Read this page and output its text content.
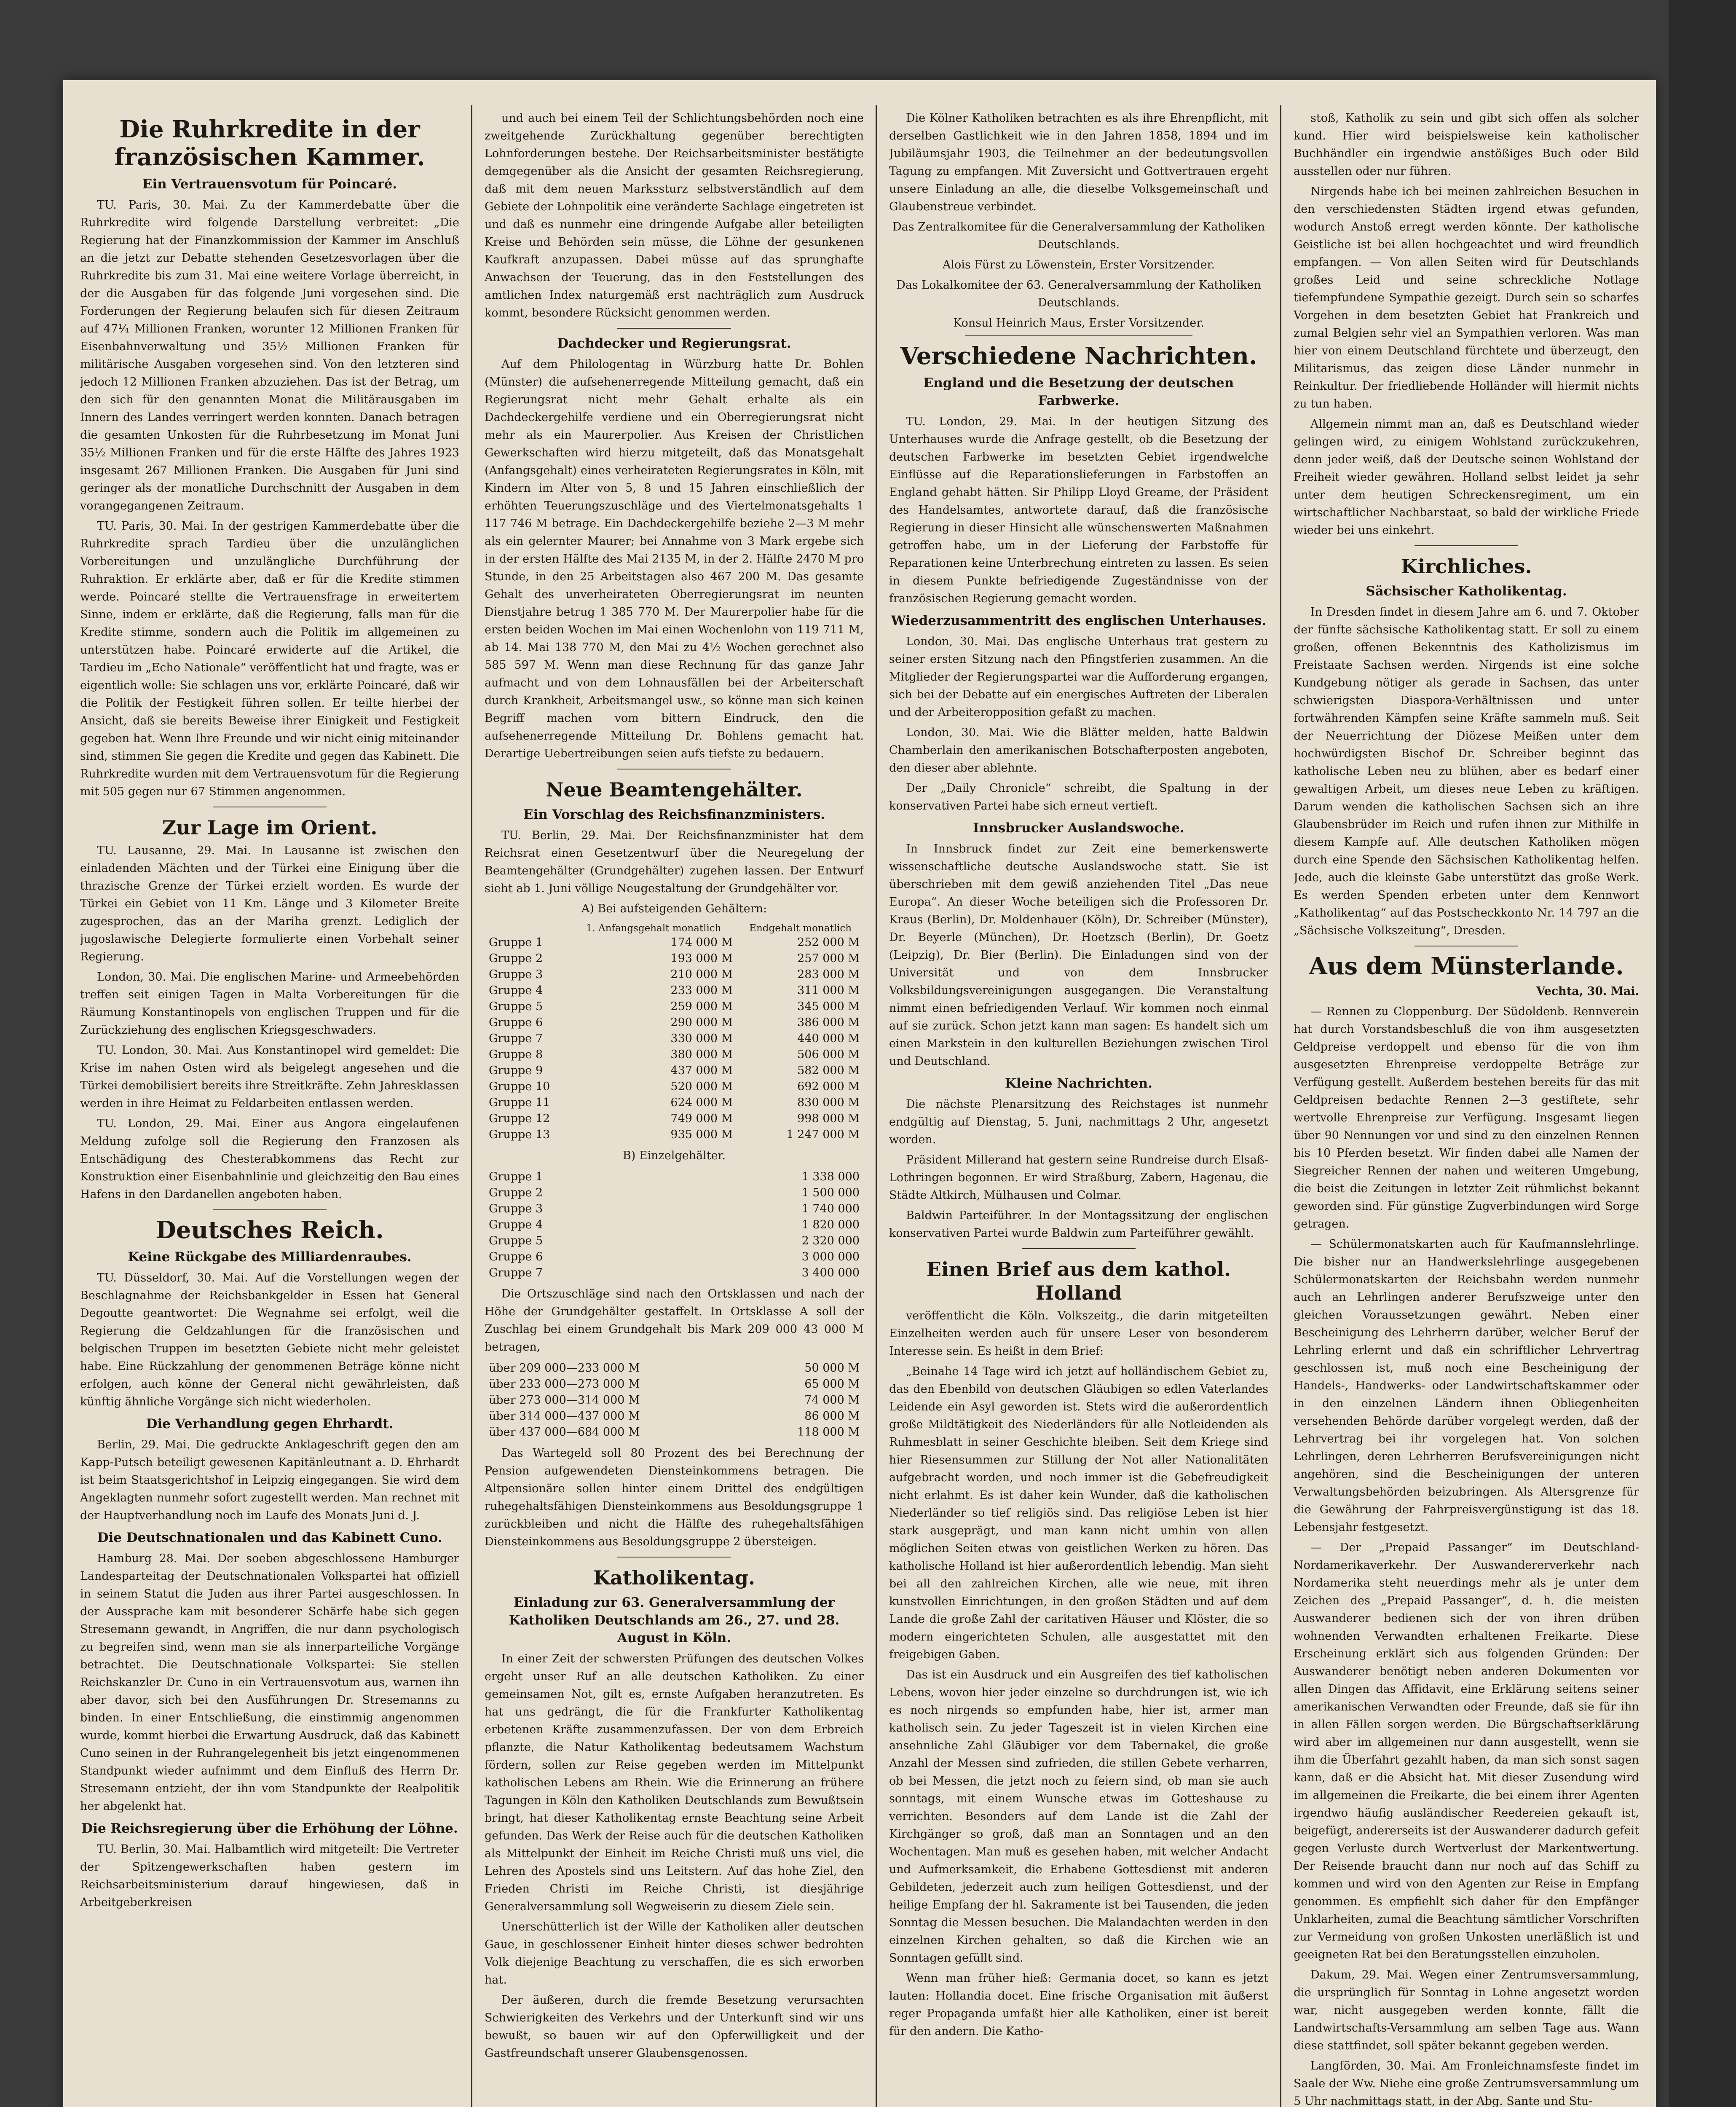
Die Ruhrkredite in der französischen Kammer.
Ein Vertrauensvotum für Poincaré.

TU. Paris, 30. Mai. Zu der Kammerdebatte über die Ruhrkredite wird folgende Darstellung verbreitet: „Die Regierung hat der Finanzkommission der Kammer im Anschluß an die jetzt zur Debatte stehenden Gesetzesvorlagen über die Ruhrkredite bis zum 31. Mai eine weitere Vorlage überreicht, in der die Ausgaben für das folgende Juni vorgesehen sind. Die Forderungen der Regierung belaufen sich für diesen Zeitraum auf 47¼ Millionen Franken, worunter 12 Millionen Franken für Eisenbahnverwaltung und 35½ Millionen Franken für militärische Ausgaben vorgesehen sind. Von den letzteren sind jedoch 12 Millionen Franken abzuziehen. Das ist der Betrag, um den sich für den genannten Monat die Militärausgaben im Innern des Landes verringert werden konnten. Danach betragen die gesamten Unkosten für die Ruhrbesetzung im Monat Juni 35½ Millionen Franken und für die erste Hälfte des Jahres 1923 insgesamt 267 Millionen Franken. Die Ausgaben für Juni sind geringer als der monatliche Durchschnitt der Ausgaben in dem vorangegangenen Zeitraum.

TU. Paris, 30. Mai. In der gestrigen Kammerdebatte über die Ruhrkredite sprach Tardieu über die unzulänglichen Vorbereitungen und unzulängliche Durchführung der Ruhraktion. Er erklärte aber, daß er für die Kredite stimmen werde. Poincaré stellte die Vertrauensfrage in erweitertem Sinne, indem er erklärte, daß die Regierung, falls man für die Kredite stimme, sondern auch die Politik im allgemeinen zu unterstützen habe. Poincaré erwiderte auf die Artikel, die Tardieu im „Echo Nationale“ veröffentlicht hat und fragte, was er eigentlich wolle: Sie schlagen uns vor, erklärte Poincaré, daß wir die Politik der Festigkeit führen sollen. Er teilte hierbei der Ansicht, daß sie bereits Beweise ihrer Einigkeit und Festigkeit gegeben hat. Wenn Ihre Freunde und wir nicht einig miteinander sind, stimmen Sie gegen die Kredite und gegen das Kabinett. Die Ruhrkredite wurden mit dem Vertrauensvotum für die Regierung mit 505 gegen nur 67 Stimmen angenommen.

Zur Lage im Orient.

TU. Lausanne, 29. Mai. In Lausanne ist zwischen den einladenden Mächten und der Türkei eine Einigung über die thrazische Grenze der Türkei erzielt worden. Es wurde der Türkei ein Gebiet von 11 Km. Länge und 3 Kilometer Breite zugesprochen, das an der Mariha grenzt. Lediglich der jugoslawische Delegierte formulierte einen Vorbehalt seiner Regierung.

London, 30. Mai. Die englischen Marine- und Armeebehörden treffen seit einigen Tagen in Malta Vorbereitungen für die Räumung Konstantinopels von englischen Truppen und für die Zurückziehung des englischen Kriegsgeschwaders.

TU. London, 30. Mai. Aus Konstantinopel wird gemeldet: Die Krise im nahen Osten wird als beigelegt angesehen und die Türkei demobilisiert bereits ihre Streitkräfte. Zehn Jahresklassen werden in ihre Heimat zu Feldarbeiten entlassen werden.

TU. London, 29. Mai. Einer aus Angora eingelaufenen Meldung zufolge soll die Regierung den Franzosen als Entschädigung des Chesterabkommens das Recht zur Konstruktion einer Eisenbahnlinie und gleichzeitig den Bau eines Hafens in den Dardanellen angeboten haben.

Deutsches Reich.
Keine Rückgabe des Milliardenraubes.

TU. Düsseldorf, 30. Mai. Auf die Vorstellungen wegen der Beschlagnahme der Reichsbankgelder in Essen hat General Degoutte geantwortet: Die Wegnahme sei erfolgt, weil die Regierung die Geldzahlungen für die französischen und belgischen Truppen im besetzten Gebiete nicht mehr geleistet habe. Eine Rückzahlung der genommenen Beträge könne nicht erfolgen, auch könne der General nicht gewährleisten, daß künftig ähnliche Vorgänge sich nicht wiederholen.

Die Verhandlung gegen Ehrhardt.

Berlin, 29. Mai. Die gedruckte Anklageschrift gegen den am Kapp-Putsch beteiligt gewesenen Kapitänleutnant a. D. Ehrhardt ist beim Staatsgerichtshof in Leipzig eingegangen. Sie wird dem Angeklagten nunmehr sofort zugestellt werden. Man rechnet mit der Hauptverhandlung noch im Laufe des Monats Juni d. J.

Die Deutschnationalen und das Kabinett Cuno.

Hamburg 28. Mai. Der soeben abgeschlossene Hamburger Landesparteitag der Deutschnationalen Volkspartei hat offiziell in seinem Statut die Juden aus ihrer Partei ausgeschlossen. In der Aussprache kam mit besonderer Schärfe habe sich gegen Stresemann gewandt, in Angriffen, die nur dann psychologisch zu begreifen sind, wenn man sie als innerparteiliche Vorgänge betrachtet. Die Deutschnationale Volkspartei: Sie stellen Reichskanzler Dr. Cuno in ein Vertrauensvotum aus, warnen ihn aber davor, sich bei den Ausführungen Dr. Stresemanns zu binden. In einer Entschließung, die einstimmig angenommen wurde, kommt hierbei die Erwartung Ausdruck, daß das Kabinett Cuno seinen in der Ruhrangelegenheit bis jetzt eingenommenen Standpunkt wieder aufnimmt und dem Einfluß des Herrn Dr. Stresemann entzieht, der ihn vom Standpunkte der Realpolitik her abgelenkt hat.

Die Reichsregierung über die Erhöhung der Löhne.

TU. Berlin, 30. Mai. Halbamtlich wird mitgeteilt: Die Vertreter der Spitzengewerkschaften haben gestern im Reichsarbeitsministerium darauf hingewiesen, daß in Arbeitgeberkreisen

und auch bei einem Teil der Schlichtungsbehörden noch eine zweitgehende Zurückhaltung gegenüber berechtigten Lohnforderungen bestehe. Der Reichsarbeitsminister bestätigte demgegenüber als die Ansicht der gesamten Reichsregierung, daß mit dem neuen Markssturz selbstverständlich auf dem Gebiete der Lohnpolitik eine veränderte Sachlage eingetreten ist und daß es nunmehr eine dringende Aufgabe aller beteiligten Kreise und Behörden sein müsse, die Löhne der gesunkenen Kaufkraft anzupassen. Dabei müsse auf das sprunghafte Anwachsen der Teuerung, das in den Feststellungen des amtlichen Index naturgemäß erst nachträglich zum Ausdruck kommt, besondere Rücksicht genommen werden.

Dachdecker und Regierungsrat.

Auf dem Philologentag in Würzburg hatte Dr. Bohlen (Münster) die aufsehenerregende Mitteilung gemacht, daß ein Regierungsrat nicht mehr Gehalt erhalte als ein Dachdeckergehilfe verdiene und ein Oberregierungsrat nicht mehr als ein Maurerpolier. Aus Kreisen der Christlichen Gewerkschaften wird hierzu mitgeteilt, daß das Monatsgehalt (Anfangsgehalt) eines verheirateten Regierungsrates in Köln, mit Kindern im Alter von 5, 8 und 15 Jahren einschließlich der erhöhten Teuerungszuschläge und des Viertelmonatsgehalts 1 117 746 M betrage. Ein Dachdeckergehilfe beziehe 2—3 M mehr als ein gelernter Maurer; bei Annahme von 3 Mark ergebe sich in der ersten Hälfte des Mai 2135 M, in der 2. Hälfte 2470 M pro Stunde, in den 25 Arbeitstagen also 467 200 M. Das gesamte Gehalt des unverheirateten Oberregierungsrat im neunten Dienstjahre betrug 1 385 770 M. Der Maurerpolier habe für die ersten beiden Wochen im Mai einen Wochenlohn von 119 711 M, ab 14. Mai 138 770 M, den Mai zu 4½ Wochen gerechnet also 585 597 M. Wenn man diese Rechnung für das ganze Jahr aufmacht und von dem Lohnausfällen bei der Arbeiterschaft durch Krankheit, Arbeitsmangel usw., so könne man sich keinen Begriff machen vom bittern Eindruck, den die aufsehenerregende Mitteilung Dr. Bohlens gemacht hat. Derartige Uebertreibungen seien aufs tiefste zu bedauern.

Neue Beamtengehälter.
Ein Vorschlag des Reichsfinanzministers.

TU. Berlin, 29. Mai. Der Reichsfinanzminister hat dem Reichsrat einen Gesetzentwurf über die Neuregelung der Beamtengehälter (Grundgehälter) zugehen lassen. Der Entwurf sieht ab 1. Juni völlige Neugestaltung der Grundgehälter vor.

A) Bei aufsteigenden Gehältern:

	1. Anfangsgehalt monatlich	Endgehalt monatlich
Gruppe 1	174 000 M	252 000 M
Gruppe 2	193 000 M	257 000 M
Gruppe 3	210 000 M	283 000 M
Gruppe 4	233 000 M	311 000 M
Gruppe 5	259 000 M	345 000 M
Gruppe 6	290 000 M	386 000 M
Gruppe 7	330 000 M	440 000 M
Gruppe 8	380 000 M	506 000 M
Gruppe 9	437 000 M	582 000 M
Gruppe 10	520 000 M	692 000 M
Gruppe 11	624 000 M	830 000 M
Gruppe 12	749 000 M	998 000 M
Gruppe 13	935 000 M	1 247 000 M

B) Einzelgehälter.

Gruppe 1	1 338 000
Gruppe 2	1 500 000
Gruppe 3	1 740 000
Gruppe 4	1 820 000
Gruppe 5	2 320 000
Gruppe 6	3 000 000
Gruppe 7	3 400 000

Die Ortszuschläge sind nach den Ortsklassen und nach der Höhe der Grundgehälter gestaffelt. In Ortsklasse A soll der Zuschlag bei einem Grundgehalt bis Mark 209 000 43 000 M betragen,

über 209 000—233 000 M	50 000 M
über 233 000—273 000 M	65 000 M
über 273 000—314 000 M	74 000 M
über 314 000—437 000 M	86 000 M
über 437 000—684 000 M	118 000 M

Das Wartegeld soll 80 Prozent des bei Berechnung der Pension aufgewendeten Diensteinkommens betragen. Die Altpensionäre sollen hinter einem Drittel des endgültigen ruhegehaltsfähigen Diensteinkommens aus Besoldungsgruppe 1 zurückbleiben und nicht die Hälfte des ruhegehaltsfähigen Diensteinkommens aus Besoldungsgruppe 2 übersteigen.

Katholikentag.
Einladung zur 63. Generalversammlung der Katholiken Deutschlands am 26., 27. und 28. August in Köln.

In einer Zeit der schwersten Prüfungen des deutschen Volkes ergeht unser Ruf an alle deutschen Katholiken. Zu einer gemeinsamen Not, gilt es, ernste Aufgaben heranzutreten. Es hat uns gedrängt, die für die Frankfurter Katholikentag erbetenen Kräfte zusammenzufassen. Der von dem Erbreich pflanzte, die Natur Katholikentag bedeutsamem Wachstum fördern, sollen zur Reise gegeben werden im Mittelpunkt katholischen Lebens am Rhein. Wie die Erinnerung an frühere Tagungen in Köln den Katholiken Deutschlands zum Bewußtsein bringt, hat dieser Katholikentag ernste Beachtung seine Arbeit gefunden. Das Werk der Reise auch für die deutschen Katholiken als Mittelpunkt der Einheit im Reiche Christi muß uns viel, die Lehren des Apostels sind uns Leitstern. Auf das hohe Ziel, den Frieden Christi im Reiche Christi, ist diesjährige Generalversammlung soll Wegweiserin zu diesem Ziele sein.

Unerschütterlich ist der Wille der Katholiken aller deutschen Gaue, in geschlossener Einheit hinter dieses schwer bedrohten Volk diejenige Beachtung zu verschaffen, die es sich erworben hat.

Der äußeren, durch die fremde Besetzung verursachten Schwierigkeiten des Verkehrs und der Unterkunft sind wir uns bewußt, so bauen wir auf den Opferwilligkeit und der Gastfreundschaft unserer Glaubensgenossen.

Die Kölner Katholiken betrachten es als ihre Ehrenpflicht, mit derselben Gastlichkeit wie in den Jahren 1858, 1894 und im Jubiläumsjahr 1903, die Teilnehmer an der bedeutungsvollen Tagung zu empfangen. Mit Zuversicht und Gottvertrauen ergeht unsere Einladung an alle, die dieselbe Volksgemeinschaft und Glaubenstreue verbindet.

Das Zentralkomitee für die Generalversammlung der Katholiken Deutschlands.

Alois Fürst zu Löwenstein, Erster Vorsitzender.

Das Lokalkomitee der 63. Generalversammlung der Katholiken Deutschlands.

Konsul Heinrich Maus, Erster Vorsitzender.

Verschiedene Nachrichten.
England und die Besetzung der deutschen Farbwerke.

TU. London, 29. Mai. In der heutigen Sitzung des Unterhauses wurde die Anfrage gestellt, ob die Besetzung der deutschen Farbwerke im besetzten Gebiet irgendwelche Einflüsse auf die Reparationslieferungen in Farbstoffen an England gehabt hätten. Sir Philipp Lloyd Greame, der Präsident des Handelsamtes, antwortete darauf, daß die französische Regierung in dieser Hinsicht alle wünschenswerten Maßnahmen getroffen habe, um in der Lieferung der Farbstoffe für Reparationen keine Unterbrechung eintreten zu lassen. Es seien in diesem Punkte befriedigende Zugeständnisse von der französischen Regierung gemacht worden.

Wiederzusammentritt des englischen Unterhauses.

London, 30. Mai. Das englische Unterhaus trat gestern zu seiner ersten Sitzung nach den Pfingstferien zusammen. An die Mitglieder der Regierungspartei war die Aufforderung ergangen, sich bei der Debatte auf ein energisches Auftreten der Liberalen und der Arbeiteropposition gefaßt zu machen.

London, 30. Mai. Wie die Blätter melden, hatte Baldwin Chamberlain den amerikanischen Botschafterposten angeboten, den dieser aber ablehnte.

Der „Daily Chronicle“ schreibt, die Spaltung in der konservativen Partei habe sich erneut vertieft.

Innsbrucker Auslandswoche.

In Innsbruck findet zur Zeit eine bemerkenswerte wissenschaftliche deutsche Auslandswoche statt. Sie ist überschrieben mit dem gewiß anziehenden Titel „Das neue Europa“. An dieser Woche beteiligen sich die Professoren Dr. Kraus (Berlin), Dr. Moldenhauer (Köln), Dr. Schreiber (Münster), Dr. Beyerle (München), Dr. Hoetzsch (Berlin), Dr. Goetz (Leipzig), Dr. Bier (Berlin). Die Einladungen sind von der Universität und von dem Innsbrucker Volksbildungsvereinigungen ausgegangen. Die Veranstaltung nimmt einen befriedigenden Verlauf. Wir kommen noch einmal auf sie zurück. Schon jetzt kann man sagen: Es handelt sich um einen Markstein in den kulturellen Beziehungen zwischen Tirol und Deutschland.

Kleine Nachrichten.

Die nächste Plenarsitzung des Reichstages ist nunmehr endgültig auf Dienstag, 5. Juni, nachmittags 2 Uhr, angesetzt worden.

Präsident Millerand hat gestern seine Rundreise durch Elsaß-Lothringen begonnen. Er wird Straßburg, Zabern, Hagenau, die Städte Altkirch, Mülhausen und Colmar.

Baldwin Parteiführer. In der Montagssitzung der englischen konservativen Partei wurde Baldwin zum Parteiführer gewählt.

Einen Brief aus dem kathol. Holland

veröffentlicht die Köln. Volkszeitg., die darin mitgeteilten Einzelheiten werden auch für unsere Leser von besonderem Interesse sein. Es heißt in dem Brief:

„Beinahe 14 Tage wird ich jetzt auf holländischem Gebiet zu, das den Ebenbild von deutschen Gläubigen so edlen Vaterlandes Leidende ein Asyl geworden ist. Stets wird die außerordentlich große Mildtätigkeit des Niederländers für alle Notleidenden als Ruhmesblatt in seiner Geschichte bleiben. Seit dem Kriege sind hier Riesensummen zur Stillung der Not aller Nationalitäten aufgebracht worden, und noch immer ist die Gebefreudigkeit nicht erlahmt. Es ist daher kein Wunder, daß die katholischen Niederländer so tief religiös sind. Das religiöse Leben ist hier stark ausgeprägt, und man kann nicht umhin von allen möglichen Seiten etwas von geistlichen Werken zu hören. Das katholische Holland ist hier außerordentlich lebendig. Man sieht bei all den zahlreichen Kirchen, alle wie neue, mit ihren kunstvollen Einrichtungen, in den großen Städten und auf dem Lande die große Zahl der caritativen Häuser und Klöster, die so modern eingerichteten Schulen, alle ausgestattet mit den freigebigen Gaben.

Das ist ein Ausdruck und ein Ausgreifen des tief katholischen Lebens, wovon hier jeder einzelne so durchdrungen ist, wie ich es noch nirgends so empfunden habe, hier ist, armer man katholisch sein. Zu jeder Tageszeit ist in vielen Kirchen eine ansehnliche Zahl Gläubiger vor dem Tabernakel, die große Anzahl der Messen sind zufrieden, die stillen Gebete verharren, ob bei Messen, die jetzt noch zu feiern sind, ob man sie auch sonntags, mit einem Wunsche etwas im Gotteshause zu verrichten. Besonders auf dem Lande ist die Zahl der Kirchgänger so groß, daß man an Sonntagen und an den Wochentagen. Man muß es gesehen haben, mit welcher Andacht und Aufmerksamkeit, die Erhabene Gottesdienst mit anderen Gebildeten, jederzeit auch zum heiligen Gottesdienst, und der heilige Empfang der hl. Sakramente ist bei Tausenden, die jeden Sonntag die Messen besuchen. Die Malandachten werden in den einzelnen Kirchen gehalten, so daß die Kirchen wie an Sonntagen gefüllt sind.

Wenn man früher hieß: Germania docet, so kann es jetzt lauten: Hollandia docet. Eine frische Organisation mit äußerst reger Propaganda umfaßt hier alle Katholiken, einer ist bereit für den andern. Die Katho-

stoß, Katholik zu sein und gibt sich offen als solcher kund. Hier wird beispielsweise kein katholischer Buchhändler ein irgendwie anstößiges Buch oder Bild ausstellen oder nur führen.

Nirgends habe ich bei meinen zahlreichen Besuchen in den verschiedensten Städten irgend etwas gefunden, wodurch Anstoß erregt werden könnte. Der katholische Geistliche ist bei allen hochgeachtet und wird freundlich empfangen. — Von allen Seiten wird für Deutschlands großes Leid und seine schreckliche Notlage tiefempfundene Sympathie gezeigt. Durch sein so scharfes Vorgehen in dem besetzten Gebiet hat Frankreich und zumal Belgien sehr viel an Sympathien verloren. Was man hier von einem Deutschland fürchtete und überzeugt, den Militarismus, das zeigen diese Länder nunmehr in Reinkultur. Der friedliebende Holländer will hiermit nichts zu tun haben.

Allgemein nimmt man an, daß es Deutschland wieder gelingen wird, zu einigem Wohlstand zurückzukehren, denn jeder weiß, daß der Deutsche seinen Wohlstand der Freiheit wieder gewähren. Holland selbst leidet ja sehr unter dem heutigen Schreckensregiment, um ein wirtschaftlicher Nachbarstaat, so bald der wirkliche Friede wieder bei uns einkehrt.

Kirchliches.
Sächsischer Katholikentag.

In Dresden findet in diesem Jahre am 6. und 7. Oktober der fünfte sächsische Katholikentag statt. Er soll zu einem großen, offenen Bekenntnis des Katholizismus im Freistaate Sachsen werden. Nirgends ist eine solche Kundgebung nötiger als gerade in Sachsen, das unter schwierigsten Diaspora-Verhältnissen und unter fortwährenden Kämpfen seine Kräfte sammeln muß. Seit der Neuerrichtung der Diözese Meißen unter dem hochwürdigsten Bischof Dr. Schreiber beginnt das katholische Leben neu zu blühen, aber es bedarf einer gewaltigen Arbeit, um dieses neue Leben zu kräftigen. Darum wenden die katholischen Sachsen sich an ihre Glaubensbrüder im Reich und rufen ihnen zur Mithilfe in diesem Kampfe auf. Alle deutschen Katholiken mögen durch eine Spende den Sächsischen Katholikentag helfen. Jede, auch die kleinste Gabe unterstützt das große Werk. Es werden Spenden erbeten unter dem Kennwort „Katholikentag“ auf das Postscheckkonto Nr. 14 797 an die „Sächsische Volkszeitung“, Dresden.

Aus dem Münsterlande.

Vechta, 30. Mai.

— Rennen zu Cloppenburg. Der Südoldenb. Rennverein hat durch Vorstandsbeschluß die von ihm ausgesetzten Geldpreise verdoppelt und ebenso für die von ihm ausgesetzten Ehrenpreise verdoppelte Beträge zur Verfügung gestellt. Außerdem bestehen bereits für das mit Geldpreisen bedachte Rennen 2—3 gestiftete, sehr wertvolle Ehrenpreise zur Verfügung. Insgesamt liegen über 90 Nennungen vor und sind zu den einzelnen Rennen bis 10 Pferden besetzt. Wir finden dabei alle Namen der Siegreicher Rennen der nahen und weiteren Umgebung, die beist die Zeitungen in letzter Zeit rühmlichst bekannt geworden sind. Für günstige Zugverbindungen wird Sorge getragen.

— Schülermonatskarten auch für Kaufmannslehrlinge. Die bisher nur an Handwerkslehrlinge ausgegebenen Schülermonatskarten der Reichsbahn werden nunmehr auch an Lehrlingen anderer Berufszweige unter den gleichen Voraussetzungen gewährt. Neben einer Bescheinigung des Lehrherrn darüber, welcher Beruf der Lehrling erlernt und daß ein schriftlicher Lehrvertrag geschlossen ist, muß noch eine Bescheinigung der Handels-, Handwerks- oder Landwirtschaftskammer oder in den einzelnen Ländern ihnen Obliegenheiten versehenden Behörde darüber vorgelegt werden, daß der Lehrvertrag bei ihr vorgelegen hat. Von solchen Lehrlingen, deren Lehrherren Berufsvereinigungen nicht angehören, sind die Bescheinigungen der unteren Verwaltungsbehörden beizubringen. Als Altersgrenze für die Gewährung der Fahrpreisvergünstigung ist das 18. Lebensjahr festgesetzt.

— Der „Prepaid Passanger“ im Deutschland-Nordamerikaverkehr. Der Auswandererverkehr nach Nordamerika steht neuerdings mehr als je unter dem Zeichen des „Prepaid Passanger“, d. h. die meisten Auswanderer bedienen sich der von ihren drüben wohnenden Verwandten erhaltenen Freikarte. Diese Erscheinung erklärt sich aus folgenden Gründen: Der Auswanderer benötigt neben anderen Dokumenten vor allen Dingen das Affidavit, eine Erklärung seitens seiner amerikanischen Verwandten oder Freunde, daß sie für ihn in allen Fällen sorgen werden. Die Bürgschaftserklärung wird aber im allgemeinen nur dann ausgestellt, wenn sie ihm die Überfahrt gezahlt haben, da man sich sonst sagen kann, daß er die Absicht hat. Mit dieser Zusendung wird im allgemeinen die Freikarte, die bei einem ihrer Agenten irgendwo häufig ausländischer Reedereien gekauft ist, beigefügt, andererseits ist der Auswanderer dadurch gefeit gegen Verluste durch Wertverlust der Markentwertung. Der Reisende braucht dann nur noch auf das Schiff zu kommen und wird von den Agenten zur Reise in Empfang genommen. Es empfiehlt sich daher für den Empfänger Unklarheiten, zumal die Beachtung sämtlicher Vorschriften zur Vermeidung von großen Unkosten unerläßlich ist und geeigneten Rat bei den Beratungsstellen einzuholen.

Dakum, 29. Mai. Wegen einer Zentrumsversammlung, die ursprünglich für Sonntag in Lohne angesetzt worden war, nicht ausgegeben werden konnte, fällt die Landwirtschafts-Versammlung am selben Tage aus. Wann diese stattfindet, soll später bekannt gegeben werden.

Langförden, 30. Mai. Am Fronleichnamsfeste findet im Saale der Ww. Niehe eine große Zentrumsversammlung um 5 Uhr nachmittags statt, in der Abg. Sante und Stu-
